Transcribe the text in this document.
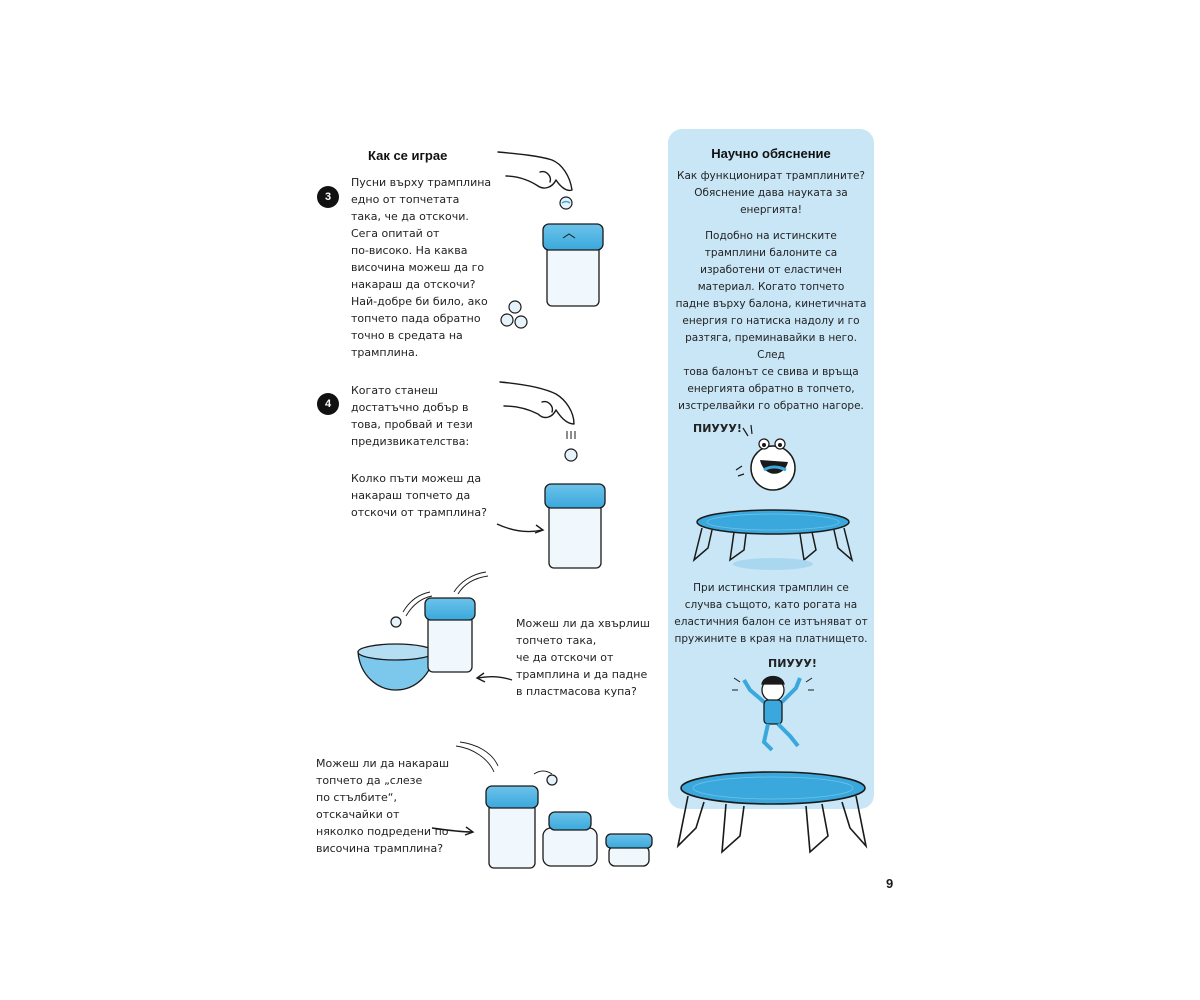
Как се играе
3
Пусни върху трамплина
едно от топчетата
така, че да отскочи.
Сега опитай от
по-високо. На каква
височина можеш да го
накараш да отскочи?
Най-добре би било, ако
топчето пада обратно
точно в средата на
трамплина.
4
Когато станеш
достатъчно добър в
това, пробвай и тези
предизвикателства:
Колко пъти можеш да
накараш топчето да
отскочи от трамплина?
Можеш ли да хвърлиш
топчето така,
че да отскочи от
трамплина и да падне
в пластмасова купа?
Можеш ли да накараш
топчето да „слезе
по стълбите“,
отскачайки от
няколко подредени по
височина трамплина?
Научно обяснение
Как функционират трамплините?
Обяснение дава науката за
енергията!
Подобно на истинските
трамплини балоните са
изработени от еластичен
материал. Когато топчето
падне върху балона, кинетичната
енергия го натиска надолу и го
разтяга, преминавайки в него. След
това балонът се свива и връща
енергията обратно в топчето,
изстрелвайки го обратно нагоре.
ПИУУУ!
При истинския трамплин се
случва същото, като рогата на
еластичния балон се изтъняват от
пружините в края на платнището.
ПИУУУ!
9
